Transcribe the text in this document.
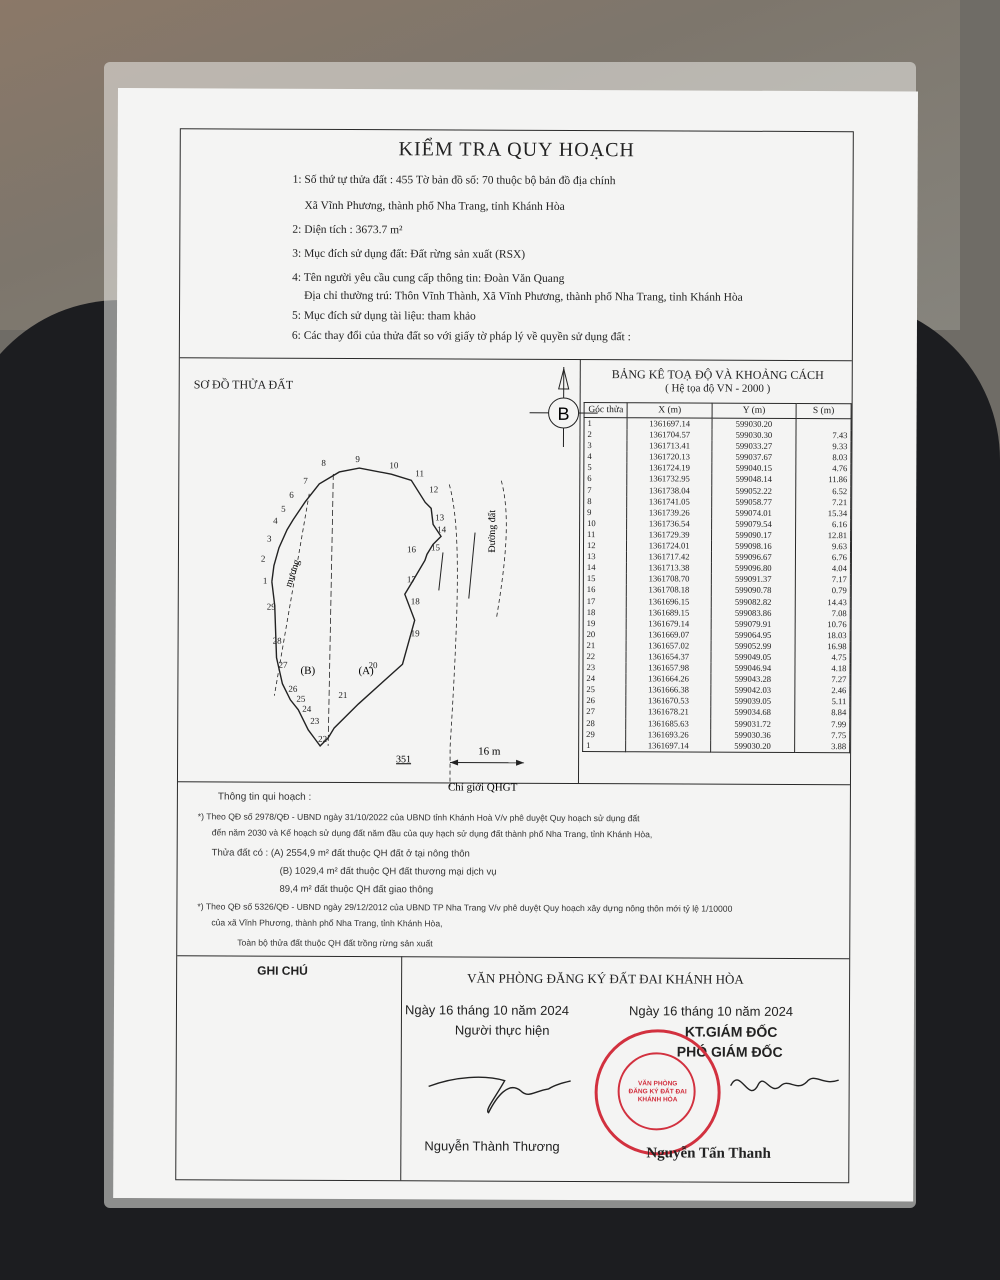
KIỂM TRA QUY HOẠCH
1: Số thứ tự thửa đất : 455 Tờ bản đồ số: 70 thuộc bộ bản đồ địa chính
Xã Vĩnh Phương, thành phố Nha Trang, tỉnh Khánh Hòa
2: Diện tích : 3673.7 m²
3: Mục đích sử dụng đất: Đất rừng sản xuất (RSX)
4: Tên người yêu cầu cung cấp thông tin: Đoàn Văn Quang
Địa chỉ thường trú: Thôn Vĩnh Thành, Xã Vĩnh Phương, thành phố Nha Trang, tỉnh Khánh Hòa
5: Mục đích sử dụng tài liệu: tham khảo
6: Các thay đổi của thửa đất so với giấy tờ pháp lý về quyền sử dụng đất :
SƠ ĐỒ THỬA ĐẤT
B
16 m
Chỉ giới QHGT
Đường đất
mương
(A)
(B)
351
1
2
3
4
5
6
7
8	9
10
11
12
13
14
15
16
17
18
19
20
21
22
23
24
25
26
27
28
29
BẢNG KÊ TOẠ ĐỘ VÀ KHOẢNG CÁCH
( Hệ tọa độ VN - 2000 )
Góc thửa	X (m)	Y (m)	S (m)
1	1361697.14	599030.20	
2	1361704.57	599030.30	7.43
3	1361713.41	599033.27	9.33
4	1361720.13	599037.67	8.03
5	1361724.19	599040.15	4.76
6	1361732.95	599048.14	11.86
7	1361738.04	599052.22	6.52
8	1361741.05	599058.77	7.21
9	1361739.26	599074.01	15.34
10	1361736.54	599079.54	6.16
11	1361729.39	599090.17	12.81
12	1361724.01	599098.16	9.63
13	1361717.42	599096.67	6.76
14	1361713.38	599096.80	4.04
15	1361708.70	599091.37	7.17
16	1361708.18	599090.78	0.79
17	1361696.15	599082.82	14.43
18	1361689.15	599083.86	7.08
19	1361679.14	599079.91	10.76
20	1361669.07	599064.95	18.03
21	1361657.02	599052.99	16.98
22	1361654.37	599049.05	4.75
23	1361657.98	599046.94	4.18
24	1361664.26	599043.28	7.27
25	1361666.38	599042.03	2.46
26	1361670.53	599039.05	5.11
27	1361678.21	599034.68	8.84
28	1361685.63	599031.72	7.99
29	1361693.26	599030.36	7.75
1	1361697.14	599030.20	3.88
Thông tin qui hoạch :
*) Theo QĐ số 2978/QĐ - UBND ngày 31/10/2022 của UBND tỉnh Khánh Hoà V/v phê duyệt Quy hoạch sử dụng đất
đến năm 2030 và Kế hoạch sử dụng đất năm đầu của quy hạch sử dụng đất thành phố Nha Trang, tỉnh Khánh Hòa,
Thửa đất có : (A) 2554,9 m² đất thuộc QH đất ở tại nông thôn
(B) 1029,4 m² đất thuộc QH đất thương mại dịch vụ
89,4 m² đất thuộc QH đất giao thông
*) Theo QĐ số 5326/QĐ - UBND ngày 29/12/2012 của UBND TP Nha Trang V/v phê duyệt Quy hoạch xây dựng nông thôn mới tỷ lệ 1/10000
của xã Vĩnh Phương, thành phố Nha Trang, tỉnh Khánh Hòa,
Toàn bộ thửa đất thuộc QH đất trồng rừng sản xuất
GHI CHÚ	VĂN PHÒNG ĐĂNG KÝ ĐẤT ĐAI KHÁNH HÒA
Ngày 16 tháng 10 năm 2024
Người thực hiện
Nguyễn Thành Thương
Ngày 16 tháng 10 năm 2024
KT.GIÁM ĐỐC
PHÓ GIÁM ĐỐC
VĂN PHÒNG ĐĂNG KÝ ĐẤT ĐAI KHÁNH HÒA
Nguyễn Tấn Thanh
